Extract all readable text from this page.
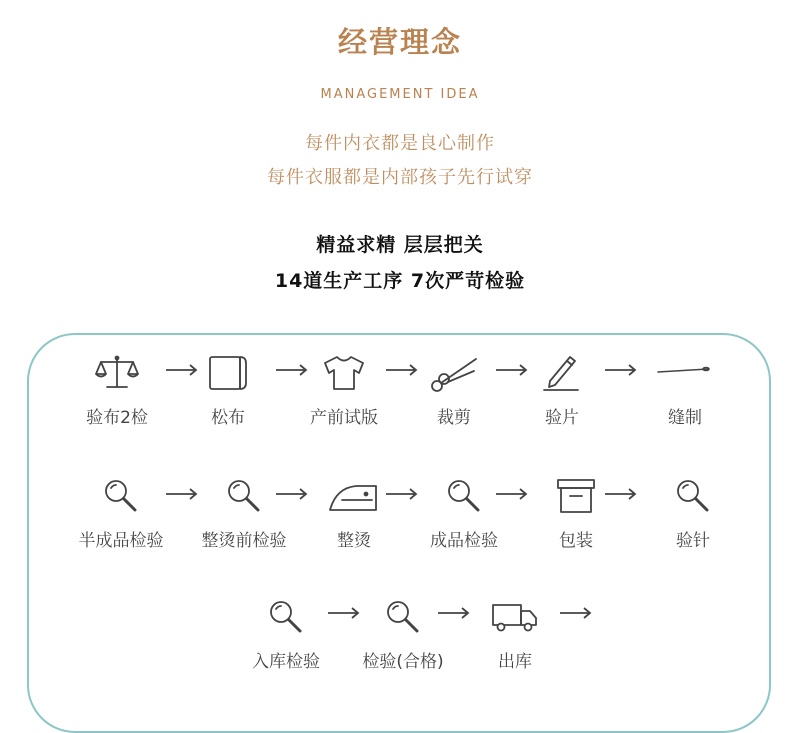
经营理念
MANAGEMENT IDEA
每件内衣都是良心制作
每件衣服都是内部孩子先行试穿
精益求精 层层把关
14道生产工序 7次严苛检验
验布2检	松布	产前试版	裁剪	验片	缝制
半成品检验	整烫前检验	整烫	成品检验	包装	验针
入库检验	检验(合格)	出库
